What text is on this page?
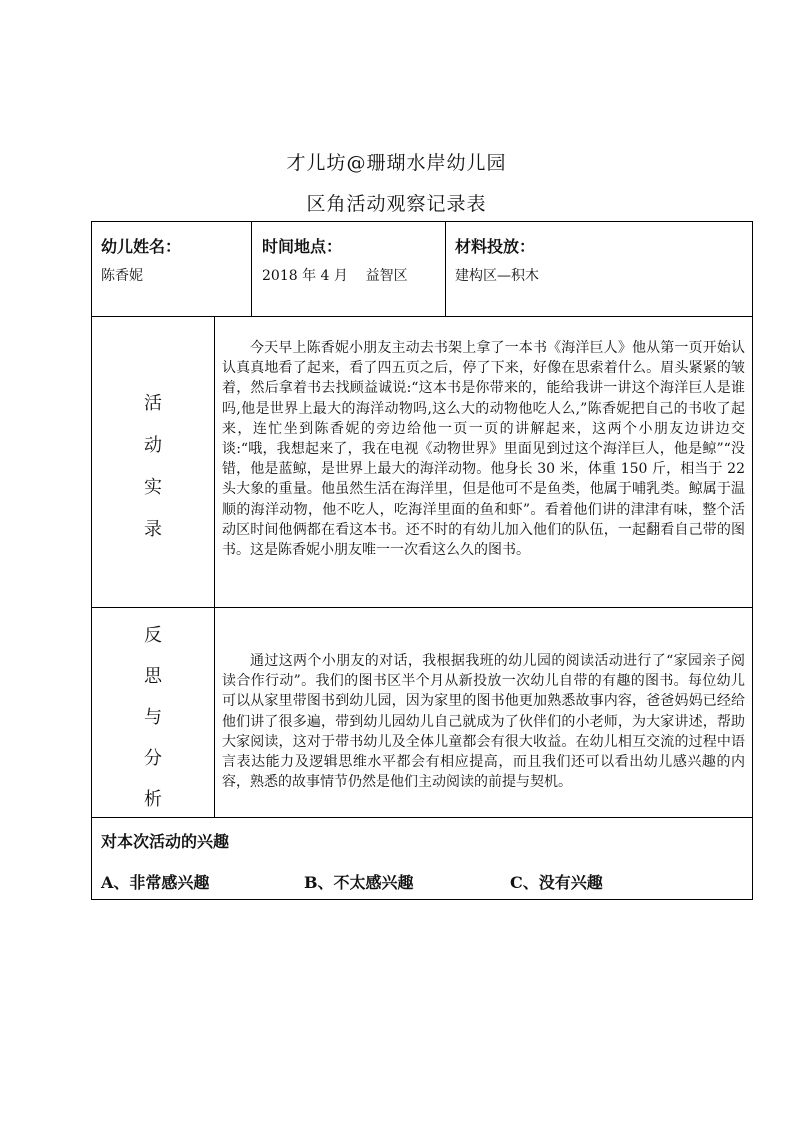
才儿坊@珊瑚水岸幼儿园
区角活动观察记录表
幼儿姓名：
陈香妮
时间地点：
2018 年 4 月    益智区
材料投放：
建构区—积木
活
动
实
录
今天早上陈香妮小朋友主动去书架上拿了一本书《海洋巨人》他从第一页开始认认真真地看了起来，看了四五页之后，停了下来，好像在思索着什么。眉头紧紧的皱着，然后拿着书去找顾益诚说:“这本书是你带来的，能给我讲一讲这个海洋巨人是谁吗,他是世界上最大的海洋动物吗,这么大的动物他吃人么,”陈香妮把自己的书收了起来，连忙坐到陈香妮的旁边给他一页一页的讲解起来，这两个小朋友边讲边交谈:“哦，我想起来了，我在电视《动物世界》里面见到过这个海洋巨人，他是鲸”“没错，他是蓝鲸，是世界上最大的海洋动物。他身长 30 米，体重 150 斤，相当于 22 头大象的重量。他虽然生活在海洋里，但是他可不是鱼类，他属于哺乳类。鲸属于温顺的海洋动物，他不吃人，吃海洋里面的鱼和虾”。看着他们讲的津津有味，整个活动区时间他俩都在看这本书。还不时的有幼儿加入他们的队伍，一起翻看自己带的图书。这是陈香妮小朋友唯一一次看这么久的图书。
反
思
与
分
析
通过这两个小朋友的对话，我根据我班的幼儿园的阅读活动进行了“家园亲子阅读合作行动”。我们的图书区半个月从新投放一次幼儿自带的有趣的图书。每位幼儿可以从家里带图书到幼儿园，因为家里的图书他更加熟悉故事内容，爸爸妈妈已经给他们讲了很多遍，带到幼儿园幼儿自己就成为了伙伴们的小老师，为大家讲述，帮助大家阅读，这对于带书幼儿及全体儿童都会有很大收益。在幼儿相互交流的过程中语言表达能力及逻辑思维水平都会有相应提高，而且我们还可以看出幼儿感兴趣的内容，熟悉的故事情节仍然是他们主动阅读的前提与契机。
对本次活动的兴趣
A、非常感兴趣	B、不太感兴趣	C、没有兴趣
